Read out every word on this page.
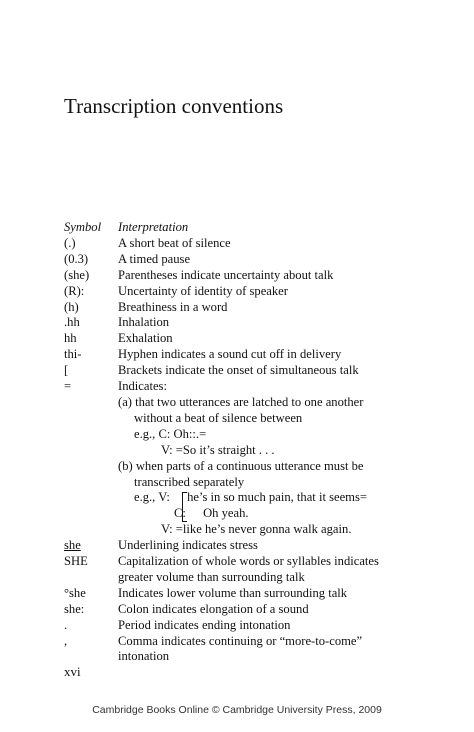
Transcription conventions
Symbol Interpretation
(.)	A short beat of silence
(0.3) A timed pause
(she) Parentheses indicate uncertainty about talk
(R):	Uncertainty of identity of speaker
(h)	Breathiness in a word
.hh	Inhalation
hh	Exhalation
thi-	Hyphen indicates a sound cut off in delivery
[	Brackets indicate the onset of simultaneous talk
=	Indicates:
(a) that two utterances are latched to one another
without a beat of silence between
e.g., C: Oh::.=
V: =So it’s straight . . .
(b) when parts of a continuous utterance must be
transcribed separately
e.g., V: he’s in so much pain, that it seems=
C: Oh yeah.
V: =like he’s never gonna walk again.
she	Underlining indicates stress
SHE Capitalization of whole words or syllables indicates
greater volume than surrounding talk
°she	Indicates lower volume than surrounding talk
she:	Colon indicates elongation of a sound
.	Period indicates ending intonation
,	Comma indicates continuing or “more-to-come”
intonation
xvi
Cambridge Books Online © Cambridge University Press, 2009
